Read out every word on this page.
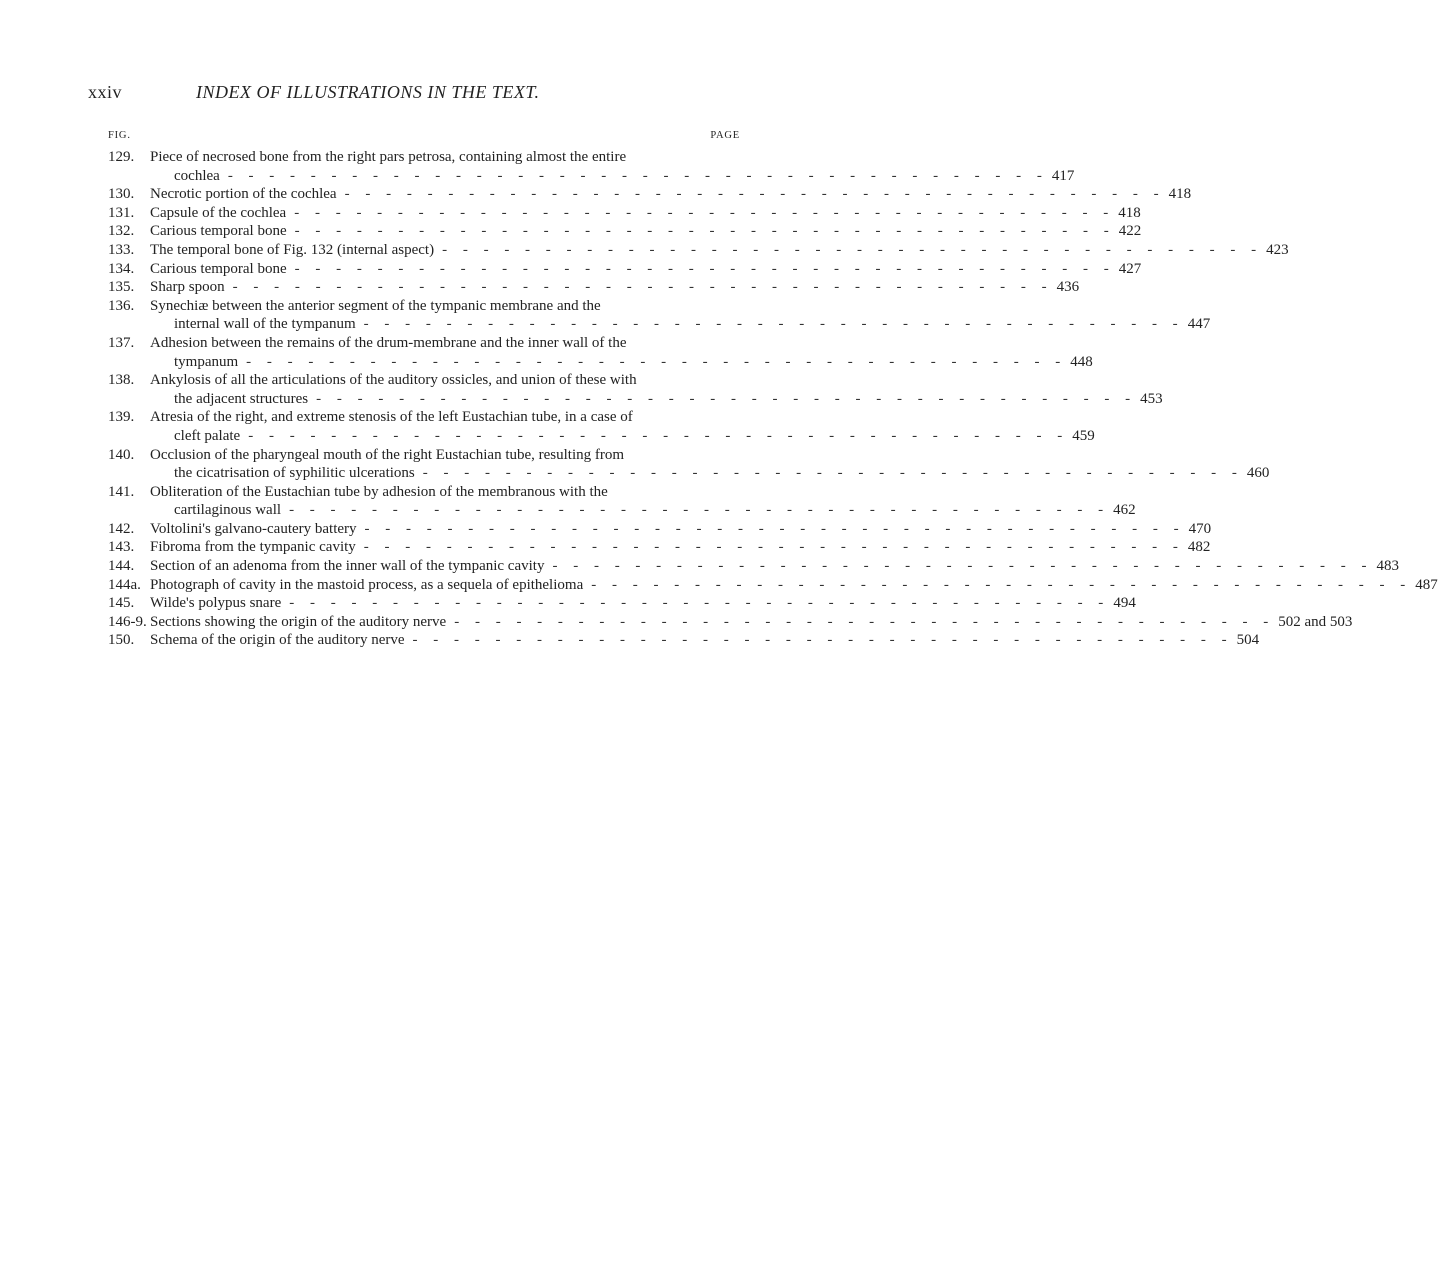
xxiv	INDEX OF ILLUSTRATIONS IN THE TEXT.
FIG.	PAGE
129. Piece of necrosed bone from the right pars petrosa, containing almost the entire
cochlea - - - - - - - - - - - - - - - - - - - - - - - - - - - - - - - - - - - - - - - - 417
130. Necrotic portion of the cochlea - - - - - - - - - - - - - - - - - - - - - - - - - - - - - - - - - - - - - - - - 418
131. Capsule of the cochlea - - - - - - - - - - - - - - - - - - - - - - - - - - - - - - - - - - - - - - - - 418
132. Carious temporal bone - - - - - - - - - - - - - - - - - - - - - - - - - - - - - - - - - - - - - - - - 422
133. The temporal bone of Fig. 132 (internal aspect) - - - - - - - - - - - - - - - - - - - - - - - - - - - - - - - - - - - - - - - - 423
134. Carious temporal bone - - - - - - - - - - - - - - - - - - - - - - - - - - - - - - - - - - - - - - - - 427
135. Sharp spoon - - - - - - - - - - - - - - - - - - - - - - - - - - - - - - - - - - - - - - - - 436
136. Synechiæ between the anterior segment of the tympanic membrane and the
internal wall of the tympanum - - - - - - - - - - - - - - - - - - - - - - - - - - - - - - - - - - - - - - - - 447
137. Adhesion between the remains of the drum-membrane and the inner wall of the
tympanum - - - - - - - - - - - - - - - - - - - - - - - - - - - - - - - - - - - - - - - - 448
138. Ankylosis of all the articulations of the auditory ossicles, and union of these with
the adjacent structures - - - - - - - - - - - - - - - - - - - - - - - - - - - - - - - - - - - - - - - - 453
139. Atresia of the right, and extreme stenosis of the left Eustachian tube, in a case of
cleft palate - - - - - - - - - - - - - - - - - - - - - - - - - - - - - - - - - - - - - - - - 459
140. Occlusion of the pharyngeal mouth of the right Eustachian tube, resulting from
the cicatrisation of syphilitic ulcerations - - - - - - - - - - - - - - - - - - - - - - - - - - - - - - - - - - - - - - - - 460
141. Obliteration of the Eustachian tube by adhesion of the membranous with the
cartilaginous wall - - - - - - - - - - - - - - - - - - - - - - - - - - - - - - - - - - - - - - - - 462
142. Voltolini's galvano-cautery battery - - - - - - - - - - - - - - - - - - - - - - - - - - - - - - - - - - - - - - - - 470
143. Fibroma from the tympanic cavity - - - - - - - - - - - - - - - - - - - - - - - - - - - - - - - - - - - - - - - - 482
144. Section of an adenoma from the inner wall of the tympanic cavity - - - - - - - - - - - - - - - - - - - - - - - - - - - - - - - - - - - - - - - - 483
144a. Photograph of cavity in the mastoid process, as a sequela of epithelioma - - - - - - - - - - - - - - - - - - - - - - - - - - - - - - - - - - - - - - - - 487
145. Wilde's polypus snare - - - - - - - - - - - - - - - - - - - - - - - - - - - - - - - - - - - - - - - - 494
146-9. Sections showing the origin of the auditory nerve - - - - - - - - - - - - - - - - - - - - - - - - - - - - - - - - - - - - - - - - 502 and 503
150. Schema of the origin of the auditory nerve - - - - - - - - - - - - - - - - - - - - - - - - - - - - - - - - - - - - - - - - 504
